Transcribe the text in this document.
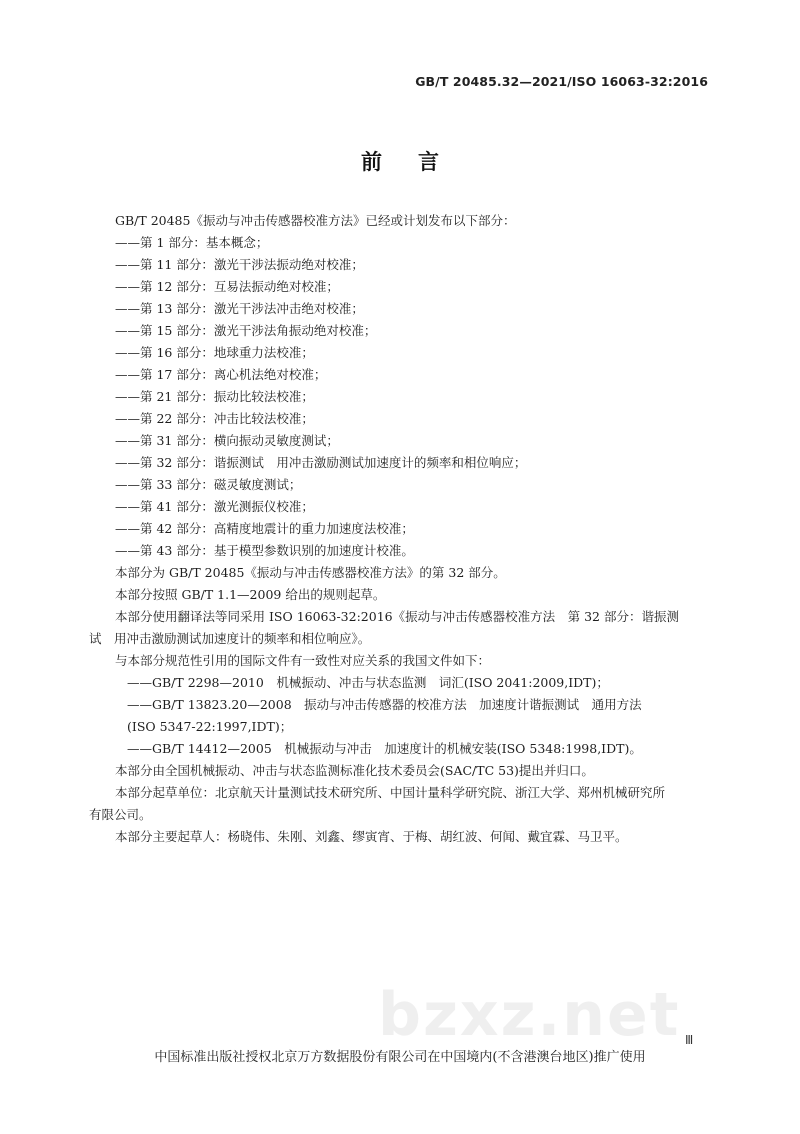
GB/T 20485.32—2021/ISO 16063-32:2016
前言
GB/T 20485《振动与冲击传感器校准方法》已经或计划发布以下部分：
——第 1 部分：基本概念；
——第 11 部分：激光干涉法振动绝对校准；
——第 12 部分：互易法振动绝对校准；
——第 13 部分：激光干涉法冲击绝对校准；
——第 15 部分：激光干涉法角振动绝对校准；
——第 16 部分：地球重力法校准；
——第 17 部分：离心机法绝对校准；
——第 21 部分：振动比较法校准；
——第 22 部分：冲击比较法校准；
——第 31 部分：横向振动灵敏度测试；
——第 32 部分：谐振测试　用冲击激励测试加速度计的频率和相位响应；
——第 33 部分：磁灵敏度测试；
——第 41 部分：激光测振仪校准；
——第 42 部分：高精度地震计的重力加速度法校准；
——第 43 部分：基于模型参数识别的加速度计校准。
本部分为 GB/T 20485《振动与冲击传感器校准方法》的第 32 部分。
本部分按照 GB/T 1.1—2009 给出的规则起草。
本部分使用翻译法等同采用 ISO 16063-32:2016《振动与冲击传感器校准方法　第 32 部分：谐振测
试　用冲击激励测试加速度计的频率和相位响应》。
与本部分规范性引用的国际文件有一致性对应关系的我国文件如下：
——GB/T 2298—2010　机械振动、冲击与状态监测　词汇(ISO 2041:2009,IDT)；
——GB/T 13823.20—2008　振动与冲击传感器的校准方法　加速度计谐振测试　通用方法
(ISO 5347-22:1997,IDT)；
——GB/T 14412—2005　机械振动与冲击　加速度计的机械安装(ISO 5348:1998,IDT)。
本部分由全国机械振动、冲击与状态监测标准化技术委员会(SAC/TC 53)提出并归口。
本部分起草单位：北京航天计量测试技术研究所、中国计量科学研究院、浙江大学、郑州机械研究所
有限公司。
本部分主要起草人：杨晓伟、朱刚、刘鑫、缪寅宵、于梅、胡红波、何闻、戴宜霖、马卫平。
bzxz.net Ⅲ
中国标准出版社授权北京万方数据股份有限公司在中国境内(不含港澳台地区)推广使用
